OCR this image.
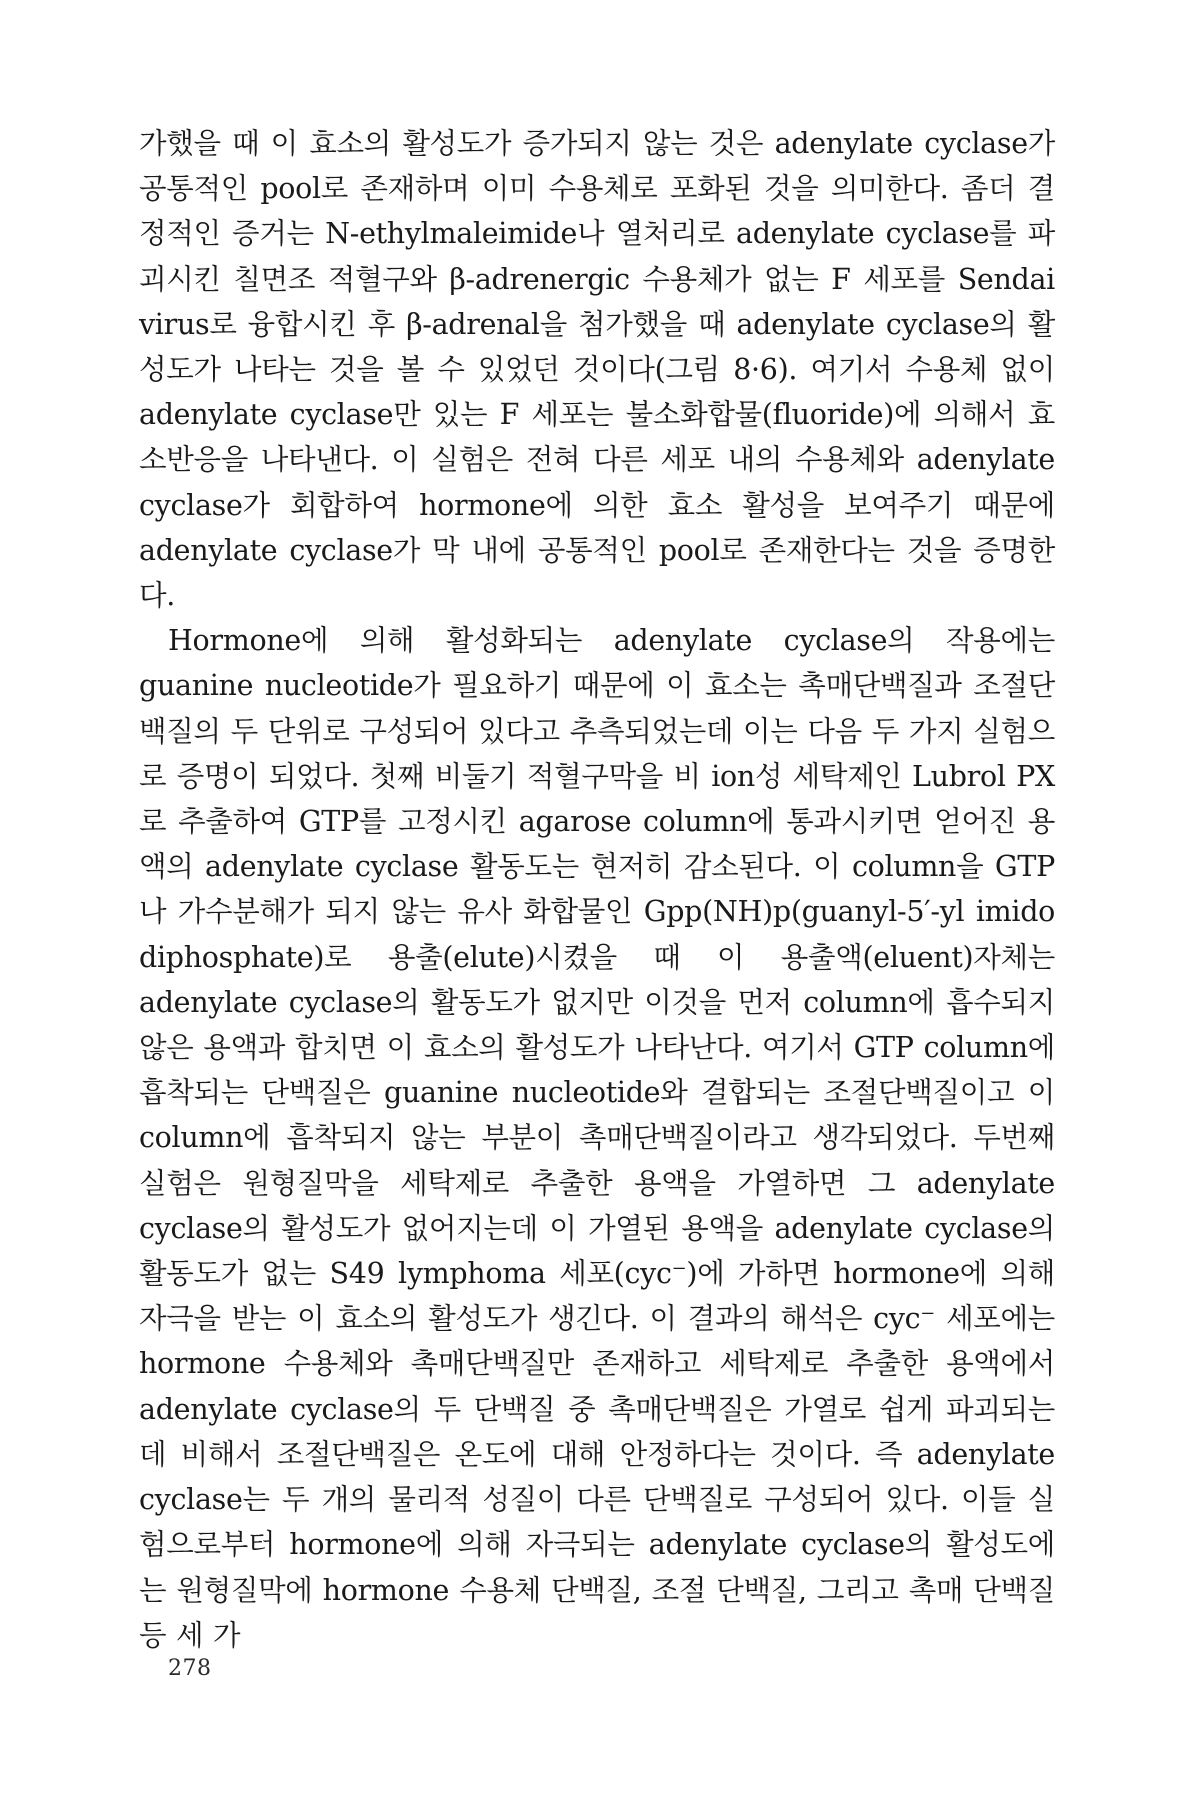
가했을 때 이 효소의 활성도가 증가되지 않는 것은 adenylate cyclase가 공통적인 pool로 존재하며 이미 수용체로 포화된 것을 의미한다. 좀더 결정적인 증거는 N-ethylmaleimide나 열처리로 adenylate cyclase를 파괴시킨 칠면조 적혈구와 β-adrenergic 수용체가 없는 F 세포를 Sendai virus로 융합시킨 후 β-adrenal을 첨가했을 때 adenylate cyclase의 활성도가 나타는 것을 볼 수 있었던 것이다(그림 8·6). 여기서 수용체 없이 adenylate cyclase만 있는 F 세포는 불소화합물(fluoride)에 의해서 효소반응을 나타낸다. 이 실험은 전혀 다른 세포 내의 수용체와 adenylate cyclase가 회합하여 hormone에 의한 효소 활성을 보여주기 때문에 adenylate cyclase가 막 내에 공통적인 pool로 존재한다는 것을 증명한다.

Hormone에 의해 활성화되는 adenylate cyclase의 작용에는 guanine nucleotide가 필요하기 때문에 이 효소는 촉매단백질과 조절단백질의 두 단위로 구성되어 있다고 추측되었는데 이는 다음 두 가지 실험으로 증명이 되었다. 첫째 비둘기 적혈구막을 비 ion성 세탁제인 Lubrol PX로 추출하여 GTP를 고정시킨 agarose column에 통과시키면 얻어진 용액의 adenylate cyclase 활동도는 현저히 감소된다. 이 column을 GTP나 가수분해가 되지 않는 유사 화합물인 Gpp(NH)p(guanyl-5′-yl imido diphosphate)로 용출(elute)시켰을 때 이 용출액(eluent)자체는 adenylate cyclase의 활동도가 없지만 이것을 먼저 column에 흡수되지 않은 용액과 합치면 이 효소의 활성도가 나타난다. 여기서 GTP column에 흡착되는 단백질은 guanine nucleotide와 결합되는 조절단백질이고 이 column에 흡착되지 않는 부분이 촉매단백질이라고 생각되었다. 두번째 실험은 원형질막을 세탁제로 추출한 용액을 가열하면 그 adenylate cyclase의 활성도가 없어지는데 이 가열된 용액을 adenylate cyclase의 활동도가 없는 S49 lymphoma 세포(cyc⁻)에 가하면 hormone에 의해 자극을 받는 이 효소의 활성도가 생긴다. 이 결과의 해석은 cyc⁻ 세포에는 hormone 수용체와 촉매단백질만 존재하고 세탁제로 추출한 용액에서 adenylate cyclase의 두 단백질 중 촉매단백질은 가열로 쉽게 파괴되는 데 비해서 조절단백질은 온도에 대해 안정하다는 것이다. 즉 adenylate cyclase는 두 개의 물리적 성질이 다른 단백질로 구성되어 있다. 이들 실험으로부터 hormone에 의해 자극되는 adenylate cyclase의 활성도에는 원형질막에 hormone 수용체 단백질, 조절 단백질, 그리고 촉매 단백질 등 세 가

278
